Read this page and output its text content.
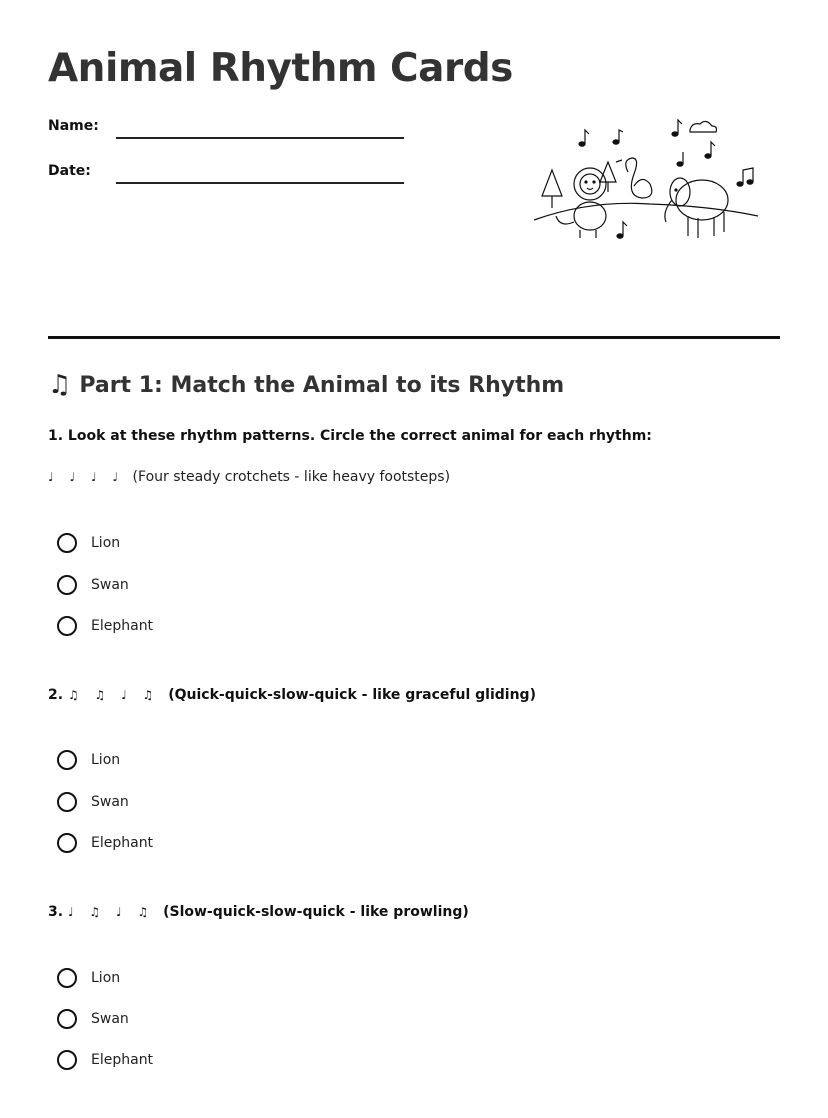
Animal Rhythm Cards
Name:
Date:
♫ Part 1: Match the Animal to its Rhythm
1. Look at these rhythm patterns. Circle the correct animal for each rhythm:
♩ ♩ ♩ ♩ (Four steady crotchets - like heavy footsteps)
Lion
Swan
Elephant
2. ♫ ♫ ♩ ♫ (Quick-quick-slow-quick - like graceful gliding)
Lion
Swan
Elephant
3. ♩ ♫ ♩ ♫ (Slow-quick-slow-quick - like prowling)
Lion
Swan
Elephant
